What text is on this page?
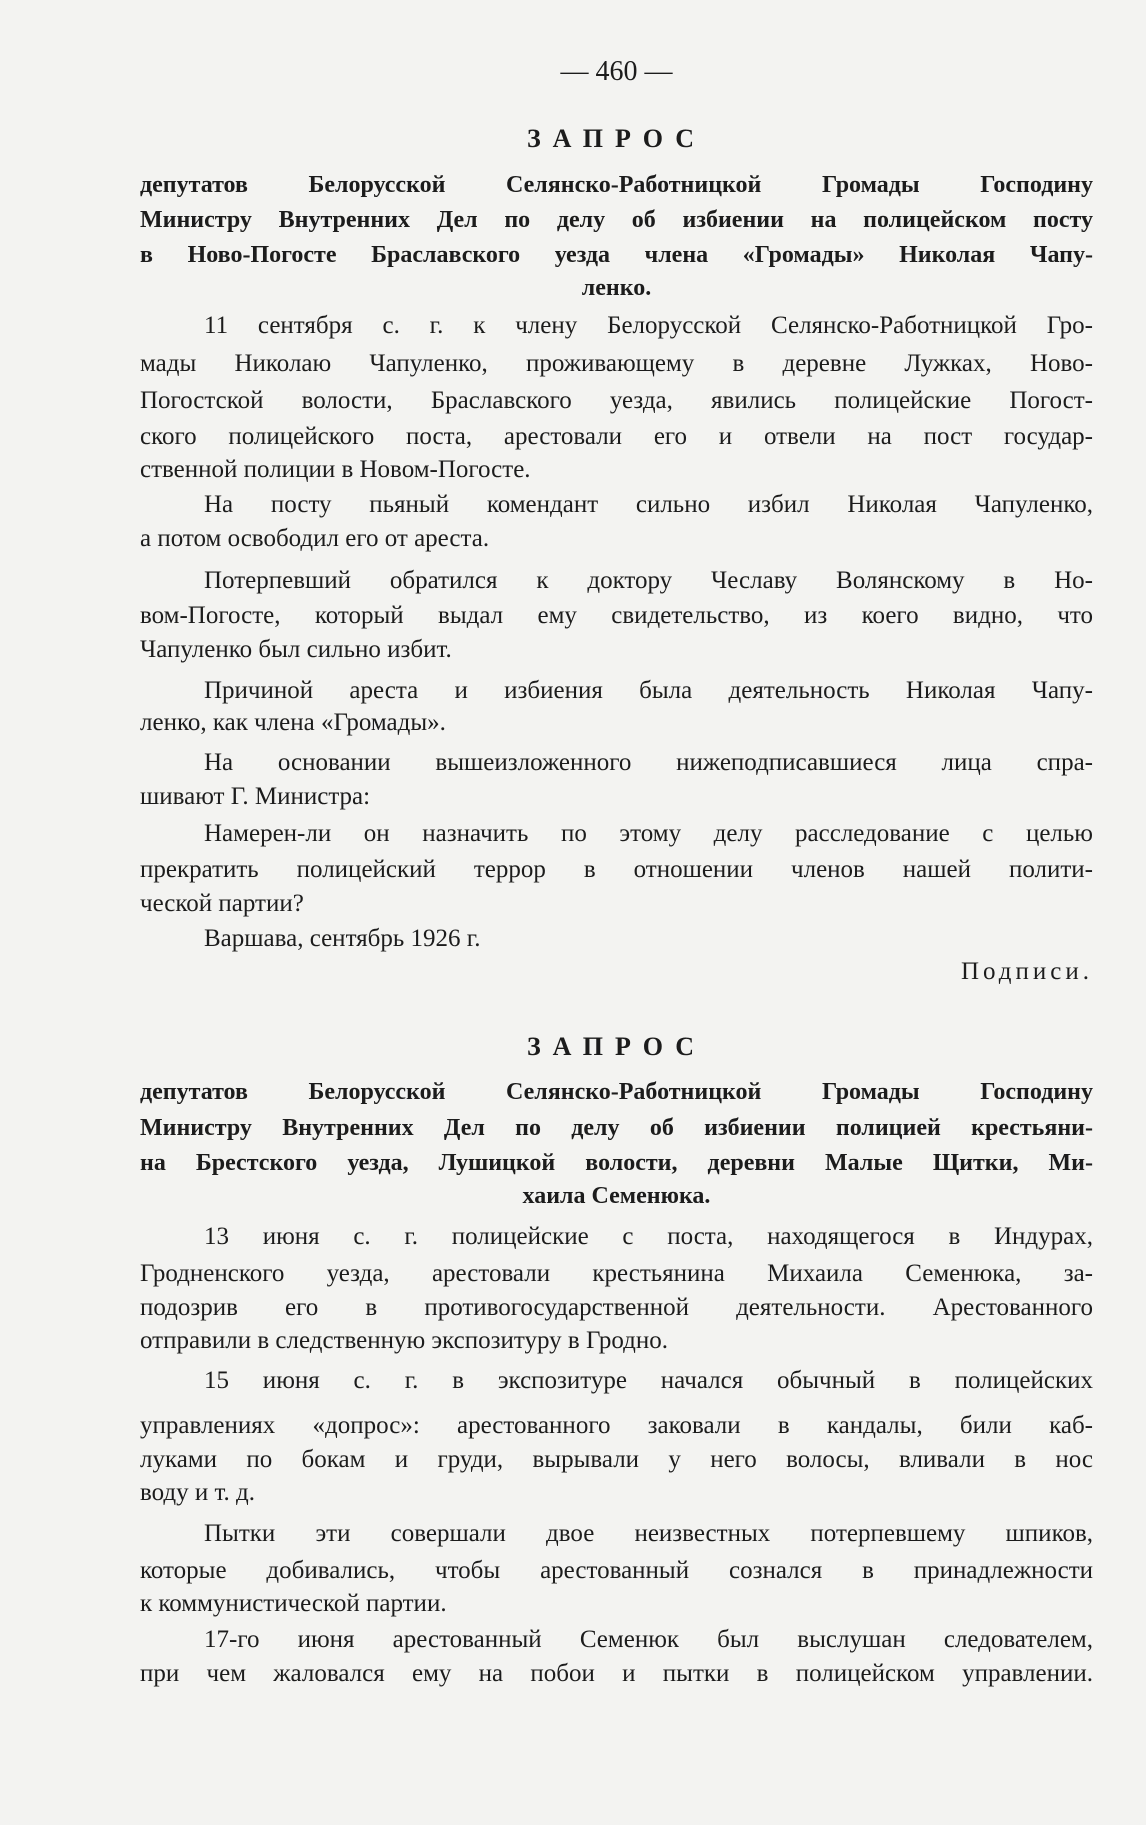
— 460 —
ЗАПРОС
депутатов Белорусской Селянско-Работницкой Громады Господину
Министру Внутренних Дел по делу об избиении на полицейском посту
в Ново-Погосте Браславского уезда члена «Громады» Николая Чапу-
ленко.
11 сентября с. г. к члену Белорусской Селянско-Работницкой Гро-
мады Николаю Чапуленко, проживающему в деревне Лужках, Ново-
Погостской волости, Браславского уезда, явились полицейские Погост-
ского полицейского поста, арестовали его и отвели на пост государ-
ственной полиции в Новом-Погосте.
На посту пьяный комендант сильно избил Николая Чапуленко,
а потом освободил его от ареста.
Потерпевший обратился к доктору Чеславу Волянскому в Но-
вом-Погосте, который выдал ему свидетельство, из коего видно, что
Чапуленко был сильно избит.
Причиной ареста и избиения была деятельность Николая Чапу-
ленко, как члена «Громады».
На основании вышеизложенного нижеподписавшиеся лица спра-
шивают Г. Министра:
Намерен-ли он назначить по этому делу расследование с целью
прекратить полицейский террор в отношении членов нашей полити-
ческой партии?
Варшава, сентябрь 1926 г.
Подписи.
ЗАПРОС
депутатов Белорусской Селянско-Работницкой Громады Господину
Министру Внутренних Дел по делу об избиении полицией крестьяни-
на Брестского уезда, Лушицкой волости, деревни Малые Щитки, Ми-
хаила Семенюка.
13 июня с. г. полицейские с поста, находящегося в Индурах,
Гродненского уезда, арестовали крестьянина Михаила Семенюка, за-
подозрив его в противогосударственной деятельности. Арестованного
отправили в следственную экспозитуру в Гродно.
15 июня с. г. в экспозитуре начался обычный в полицейских
управлениях «допрос»: арестованного заковали в кандалы, били каб-
луками по бокам и груди, вырывали у него волосы, вливали в нос
воду и т. д.
Пытки эти совершали двое неизвестных потерпевшему шпиков,
которые добивались, чтобы арестованный сознался в принадлежности
к коммунистической партии.
17-го июня арестованный Семенюк был выслушан следователем,
при чем жаловался ему на побои и пытки в полицейском управлении.
